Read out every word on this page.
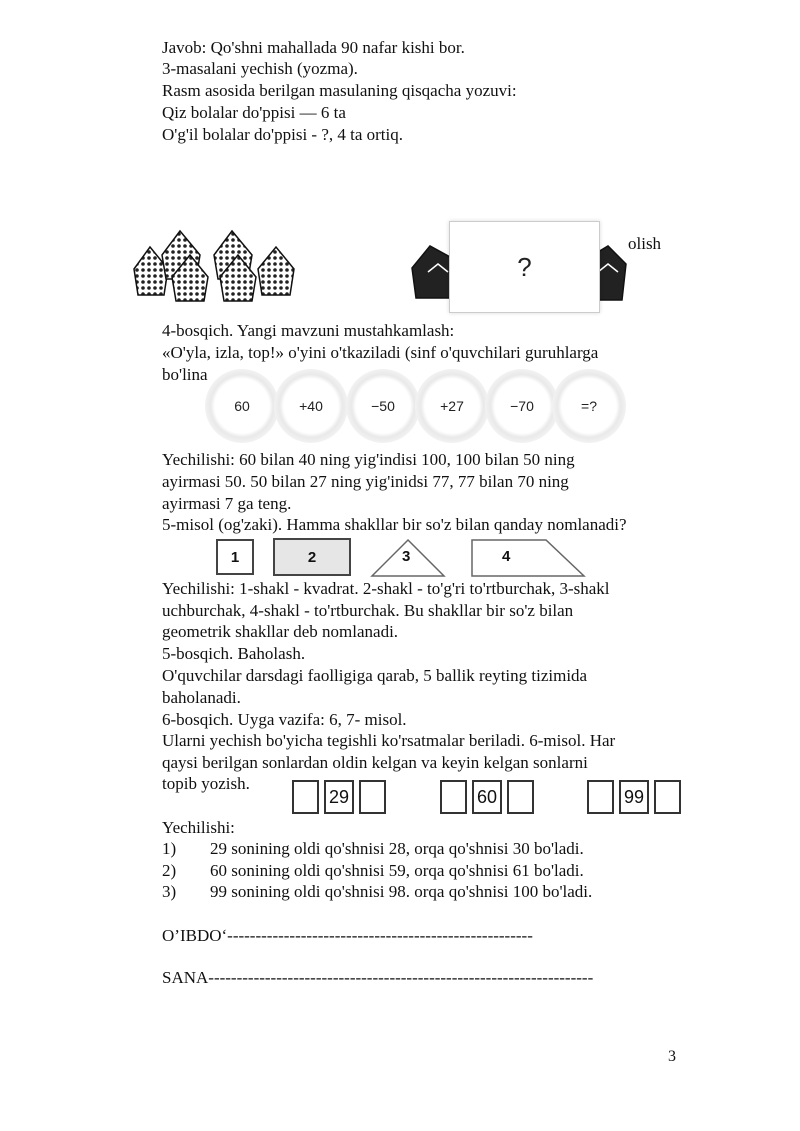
Javob: Qo'shni mahallada 90 nafar kishi bor.
3-masalani yechish (yozma).
Rasm asosida berilgan masulaning qisqacha yozuvi:
Qiz bolalar do'ppisi — 6 ta
O'g'il bolalar do'ppisi - ?, 4 ta ortiq.
?
olish
4-bosqich. Yangi mavzuni mustahkamlash:
«O'yla, izla, top!» o'yini o'tkaziladi (sinf o'quvchilari guruhlarga
bo'lina
60	+40	−50	+27	−70	=?
Yechilishi: 60 bilan 40 ning yig'indisi 100, 100 bilan 50 ning
ayirmasi 50. 50 bilan 27 ning yig'inidsi 77, 77 bilan 70 ning
ayirmasi 7 ga teng.
5-misol (og'zaki). Hamma shakllar bir so'z bilan qanday nomlanadi?
1	2	3	4
Yechilishi: 1-shakl - kvadrat. 2-shakl - to'g'ri to'rtburchak, 3-shakl
uchburchak, 4-shakl - to'rtburchak. Bu shakllar bir so'z bilan
geometrik shakllar deb nomlanadi.
5-bosqich. Baholash.
O'quvchilar darsdagi faolligiga qarab, 5 ballik reyting tizimida
baholanadi.
6-bosqich. Uyga vazifa: 6, 7- misol.
Ularni yechish bo'yicha tegishli ko'rsatmalar beriladi. 6-misol. Har
qaysi berilgan sonlardan oldin kelgan va keyin kelgan sonlarni
topib yozish.
29	60	99
Yechilishi:
1) 29 sonining oldi qo'shnisi 28, orqa qo'shnisi 30 bo'ladi.
2) 60 sonining oldi qo'shnisi 59, orqa qo'shnisi 61 bo'ladi.
3) 99 sonining oldi qo'shnisi 98. orqa qo'shnisi 100 bo'ladi.
O’IBDO‘------------------------------------------------------
SANA--------------------------------------------------------------------
3
